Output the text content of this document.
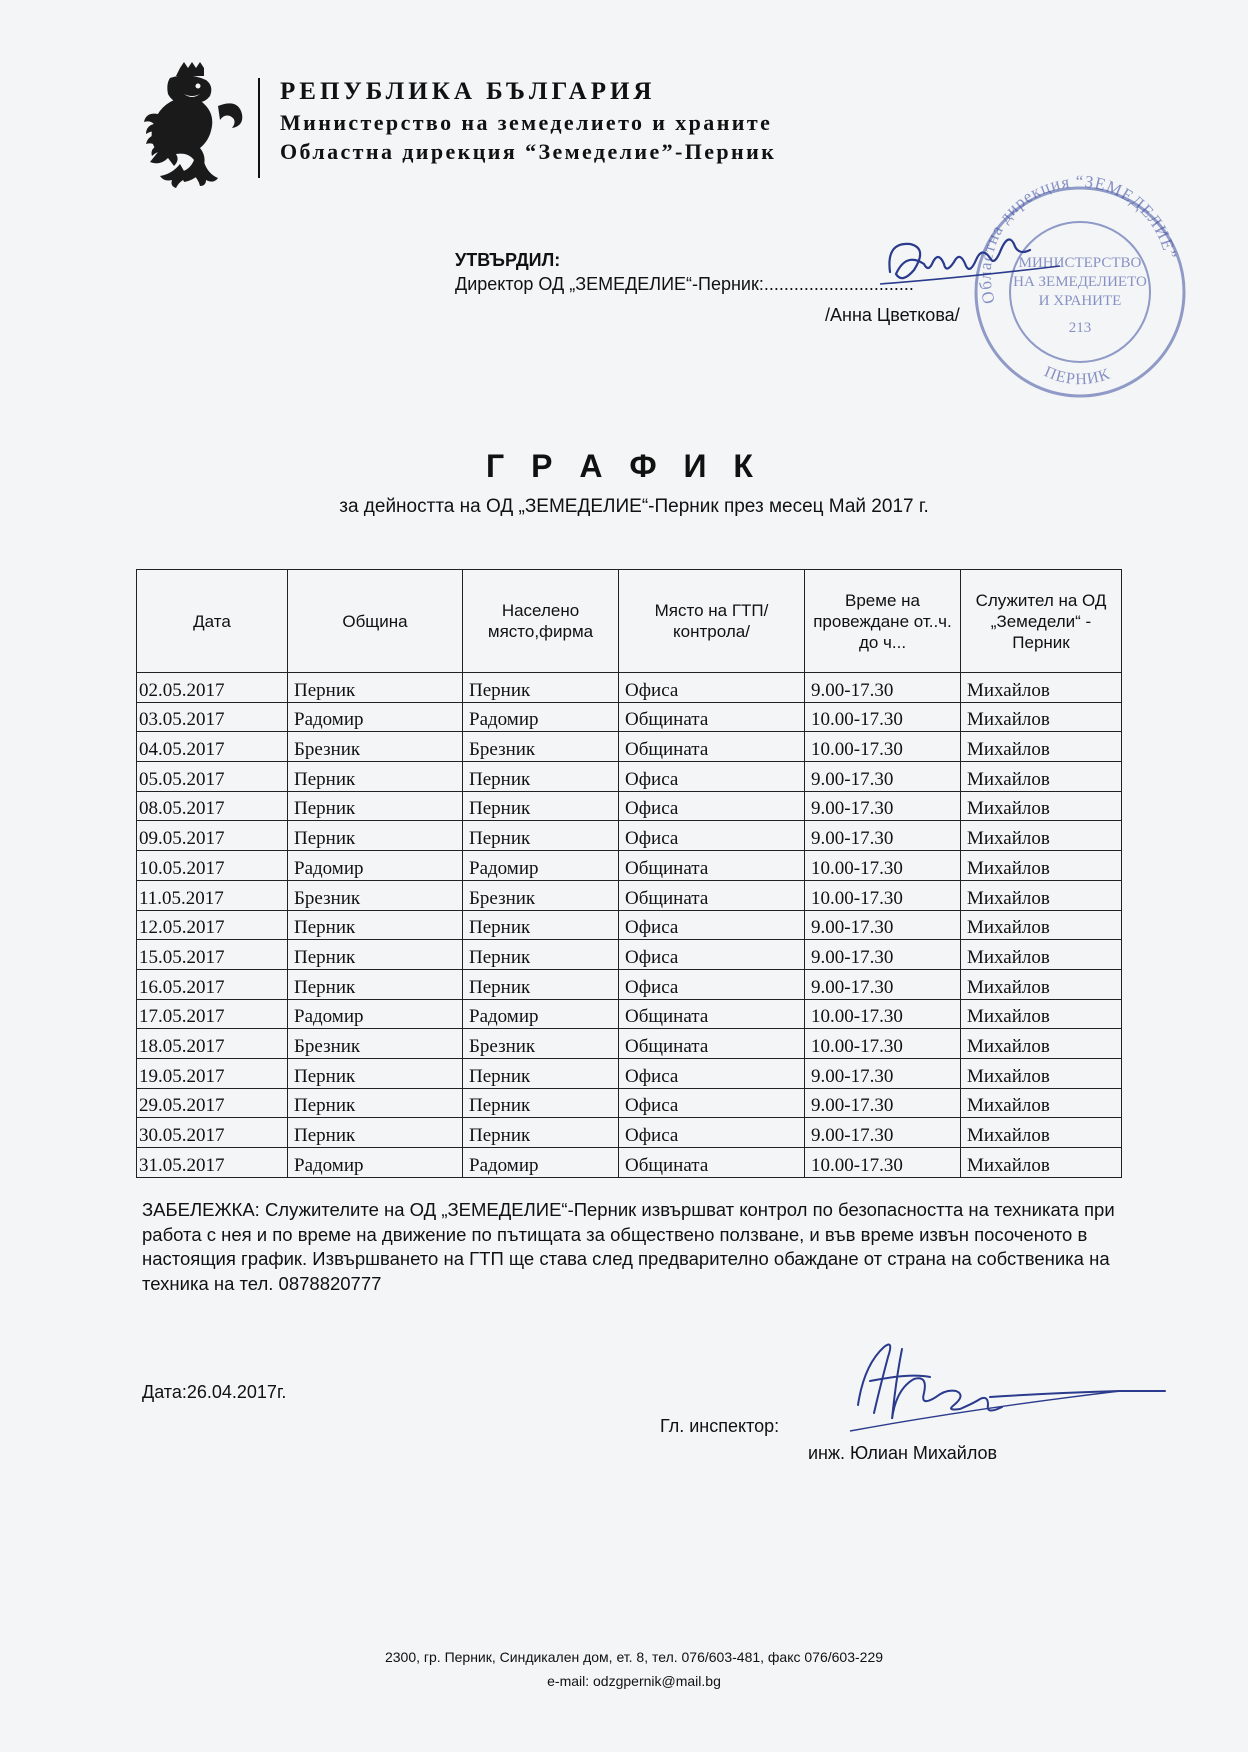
РЕПУБЛИКА БЪЛГАРИЯ
Министерство на земеделието и храните
Областна дирекция “Земеделие”-Перник
УТВЪРДИЛ:
Директор ОД „ЗЕМЕДЕЛИЕ“-Перник:..............................
/Анна Цветкова/
Областна дирекция “ЗЕМЕДЕЛИЕ”
МИНИСТЕРСТВО
НА ЗЕМЕДЕЛИЕТО
И ХРАНИТЕ
213
ПЕРНИК
Г Р А Ф И К
за дейността на ОД „ЗЕМЕДЕЛИЕ“-Перник през месец Май 2017 г.
Дата	Община	Населено място,фирма	Място на ГТП/контрола/	Време на провеждане от..ч. до ч...	Служител на ОД „Земедели“ - Перник
02.05.2017	Перник	Перник	Офиса	9.00-17.30	Михайлов
03.05.2017	Радомир	Радомир	Общината	10.00-17.30	Михайлов
04.05.2017	Брезник	Брезник	Общината	10.00-17.30	Михайлов
05.05.2017	Перник	Перник	Офиса	9.00-17.30	Михайлов
08.05.2017	Перник	Перник	Офиса	9.00-17.30	Михайлов
09.05.2017	Перник	Перник	Офиса	9.00-17.30	Михайлов
10.05.2017	Радомир	Радомир	Общината	10.00-17.30	Михайлов
11.05.2017	Брезник	Брезник	Общината	10.00-17.30	Михайлов
12.05.2017	Перник	Перник	Офиса	9.00-17.30	Михайлов
15.05.2017	Перник	Перник	Офиса	9.00-17.30	Михайлов
16.05.2017	Перник	Перник	Офиса	9.00-17.30	Михайлов
17.05.2017	Радомир	Радомир	Общината	10.00-17.30	Михайлов
18.05.2017	Брезник	Брезник	Общината	10.00-17.30	Михайлов
19.05.2017	Перник	Перник	Офиса	9.00-17.30	Михайлов
29.05.2017	Перник	Перник	Офиса	9.00-17.30	Михайлов
30.05.2017	Перник	Перник	Офиса	9.00-17.30	Михайлов
31.05.2017	Радомир	Радомир	Общината	10.00-17.30	Михайлов
ЗАБЕЛЕЖКА: Служителите на ОД „ЗЕМЕДЕЛИЕ“-Перник извършват контрол по безопасността на техниката при работа с нея и по време на движение по пътищата за обществено ползване, и във време извън посоченото в настоящия график. Извършването на ГТП ще става след предварително обаждане от страна на собственика на техника на тел. 0878820777
Дата:26.04.2017г.
Гл. инспектор:
инж. Юлиан Михайлов
2300, гр. Перник, Синдикален дом, ет. 8, тел. 076/603-481, факс 076/603-229
e-mail: odzgpernik@mail.bg
